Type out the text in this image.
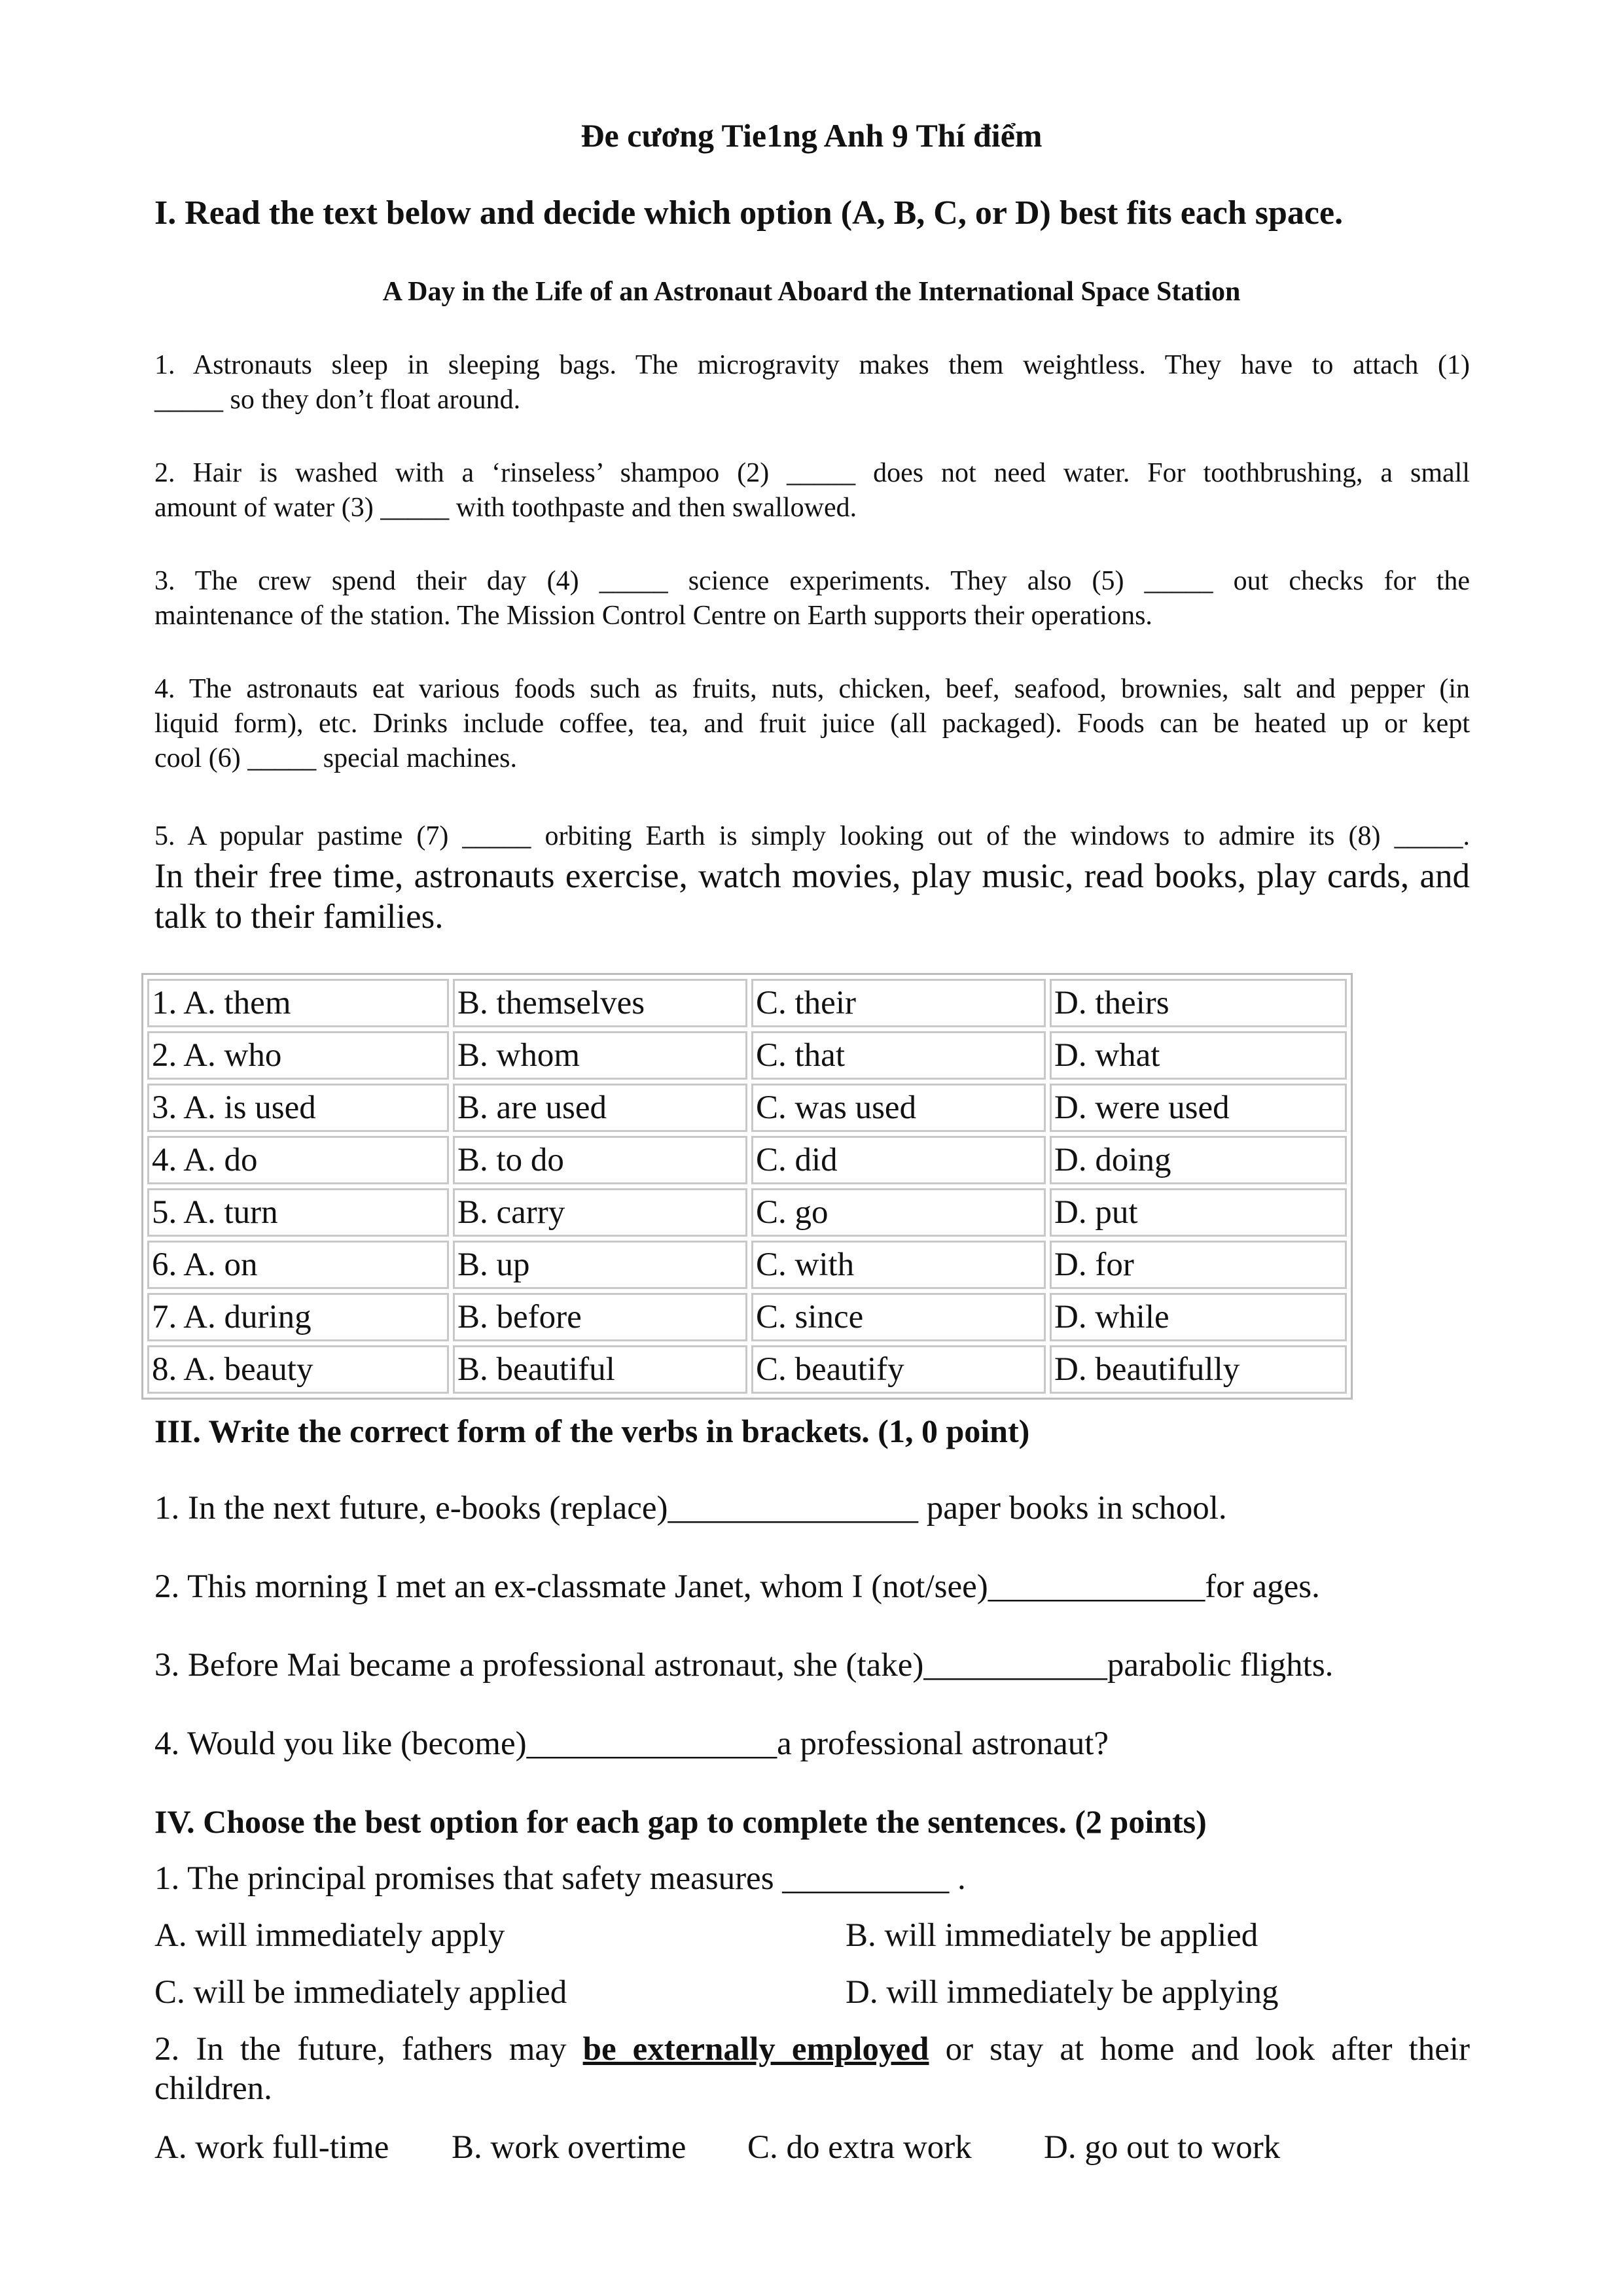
Đe cương Tie1ng Anh 9 Thí điểm
I. Read the text below and decide which option (A, B, C, or D) best fits each space.
A Day in the Life of an Astronaut Aboard the International Space Station
1. Astronauts sleep in sleeping bags. The microgravity makes them weightless. They have to attach (1)
_____ so they don’t float around.
2. Hair is washed with a ‘rinseless’ shampoo (2) _____ does not need water. For toothbrushing, a small
amount of water (3) _____ with toothpaste and then swallowed.
3. The crew spend their day (4) _____ science experiments. They also (5) _____ out checks for the
maintenance of the station. The Mission Control Centre on Earth supports their operations.
4. The astronauts eat various foods such as fruits, nuts, chicken, beef, seafood, brownies, salt and pepper (in
liquid form), etc. Drinks include coffee, tea, and fruit juice (all packaged). Foods can be heated up or kept
cool (6) _____ special machines.
5. A popular pastime (7) _____ orbiting Earth is simply looking out of the windows to admire its (8) _____.
In their free time, astronauts exercise, watch movies, play music, read books, play cards, and talk to their families.
1. A. them	B. themselves	C. their	D. theirs
2. A. who	B. whom	C. that	D. what
3. A. is used	B. are used	C. was used	D. were used
4. A. do	B. to do	C. did	D. doing
5. A. turn	B. carry	C. go	D. put
6. A. on	B. up	C. with	D. for
7. A. during	B. before	C. since	D. while
8. A. beauty	B. beautiful	C. beautify	D. beautifully
III. Write the correct form of the verbs in brackets. (1, 0 point)
1. In the next future, e-books (replace)_______________ paper books in school.
2. This morning I met an ex-classmate Janet, whom I (not/see)_____________for ages.
3. Before Mai became a professional astronaut, she (take)___________parabolic flights.
4. Would you like (become)_______________a professional astronaut?
IV. Choose the best option for each gap to complete the sentences. (2 points)
1. The principal promises that safety measures __________ .
A. will immediately apply	B. will immediately be applied
C. will be immediately applied	D. will immediately be applying
2. In the future, fathers may be externally employed or stay at home and look after their
children.
A. work full-time B. work overtime C. do extra work D. go out to work
